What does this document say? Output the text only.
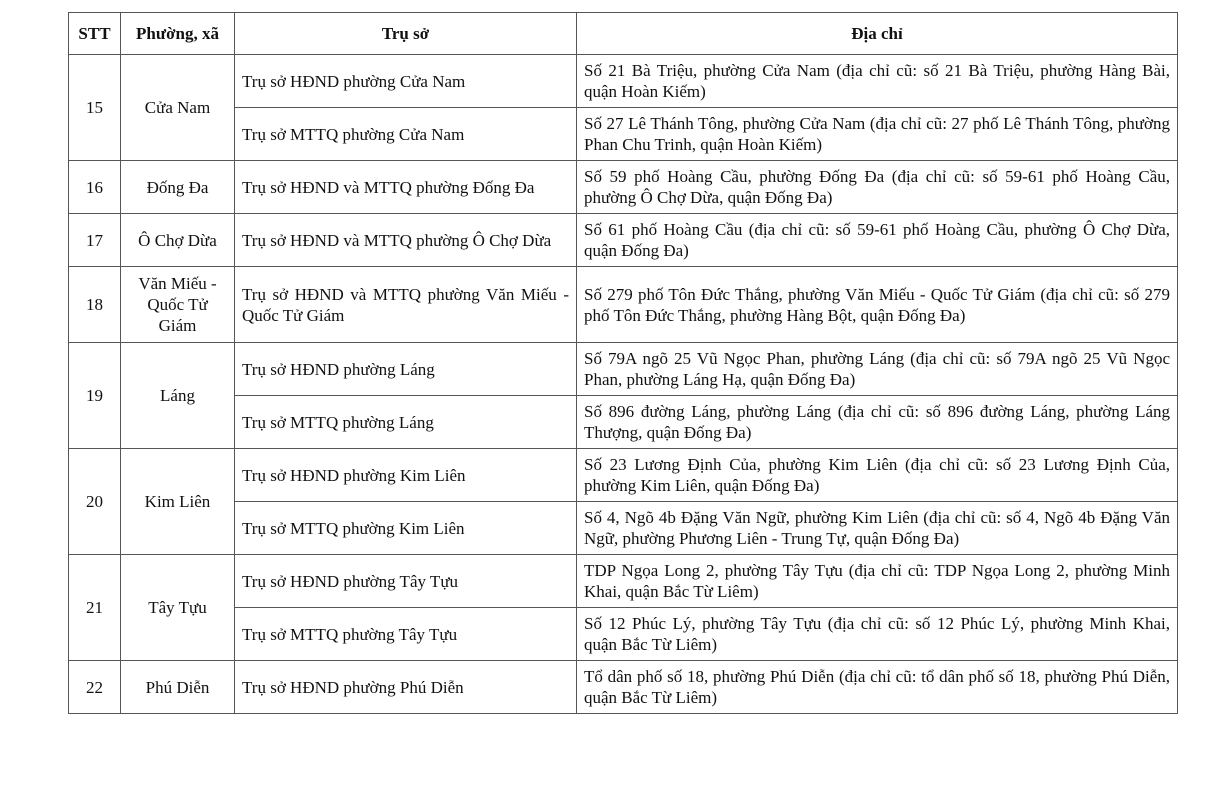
STT	Phường, xã	Trụ sở	Địa chỉ
15	Cửa Nam	Trụ sở HĐND phường Cửa Nam	Số 21 Bà Triệu, phường Cửa Nam (địa chỉ cũ: số 21 Bà Triệu, phường Hàng Bài, quận Hoàn Kiếm)
		Trụ sở MTTQ phường Cửa Nam	Số 27 Lê Thánh Tông, phường Cửa Nam (địa chỉ cũ: 27 phố Lê Thánh Tông, phường Phan Chu Trinh, quận Hoàn Kiếm)
16	Đống Đa	Trụ sở HĐND và MTTQ phường Đống Đa	Số 59 phố Hoàng Cầu, phường Đống Đa (địa chỉ cũ: số 59-61 phố Hoàng Cầu, phường Ô Chợ Dừa, quận Đống Đa)
17	Ô Chợ Dừa	Trụ sở HĐND và MTTQ phường Ô Chợ Dừa	Số 61 phố Hoàng Cầu (địa chỉ cũ: số 59-61 phố Hoàng Cầu, phường Ô Chợ Dừa, quận Đống Đa)
18	Văn Miếu - Quốc Tử Giám	Trụ sở HĐND và MTTQ phường Văn Miếu - Quốc Tử Giám	Số 279 phố Tôn Đức Thắng, phường Văn Miếu - Quốc Tử Giám (địa chỉ cũ: số 279 phố Tôn Đức Thắng, phường Hàng Bột, quận Đống Đa)
19	Láng	Trụ sở HĐND phường Láng	Số 79A ngõ 25 Vũ Ngọc Phan, phường Láng (địa chỉ cũ: số 79A ngõ 25 Vũ Ngọc Phan, phường Láng Hạ, quận Đống Đa)
		Trụ sở MTTQ phường Láng	Số 896 đường Láng, phường Láng (địa chỉ cũ: số 896 đường Láng, phường Láng Thượng, quận Đống Đa)
20	Kim Liên	Trụ sở HĐND phường Kim Liên	Số 23 Lương Định Của, phường Kim Liên (địa chỉ cũ: số 23 Lương Định Của, phường Kim Liên, quận Đống Đa)
		Trụ sở MTTQ phường Kim Liên	Số 4, Ngõ 4b Đặng Văn Ngữ, phường Kim Liên (địa chỉ cũ: số 4, Ngõ 4b Đặng Văn Ngữ, phường Phương Liên - Trung Tự, quận Đống Đa)
21	Tây Tựu	Trụ sở HĐND phường Tây Tựu	TDP Ngọa Long 2, phường Tây Tựu (địa chỉ cũ: TDP Ngọa Long 2, phường Minh Khai, quận Bắc Từ Liêm)
		Trụ sở MTTQ phường Tây Tựu	Số 12 Phúc Lý, phường Tây Tựu (địa chỉ cũ: số 12 Phúc Lý, phường Minh Khai, quận Bắc Từ Liêm)
22	Phú Diễn	Trụ sở HĐND phường Phú Diễn	Tổ dân phố số 18, phường Phú Diễn (địa chỉ cũ: tổ dân phố số 18, phường Phú Diễn, quận Bắc Từ Liêm)
